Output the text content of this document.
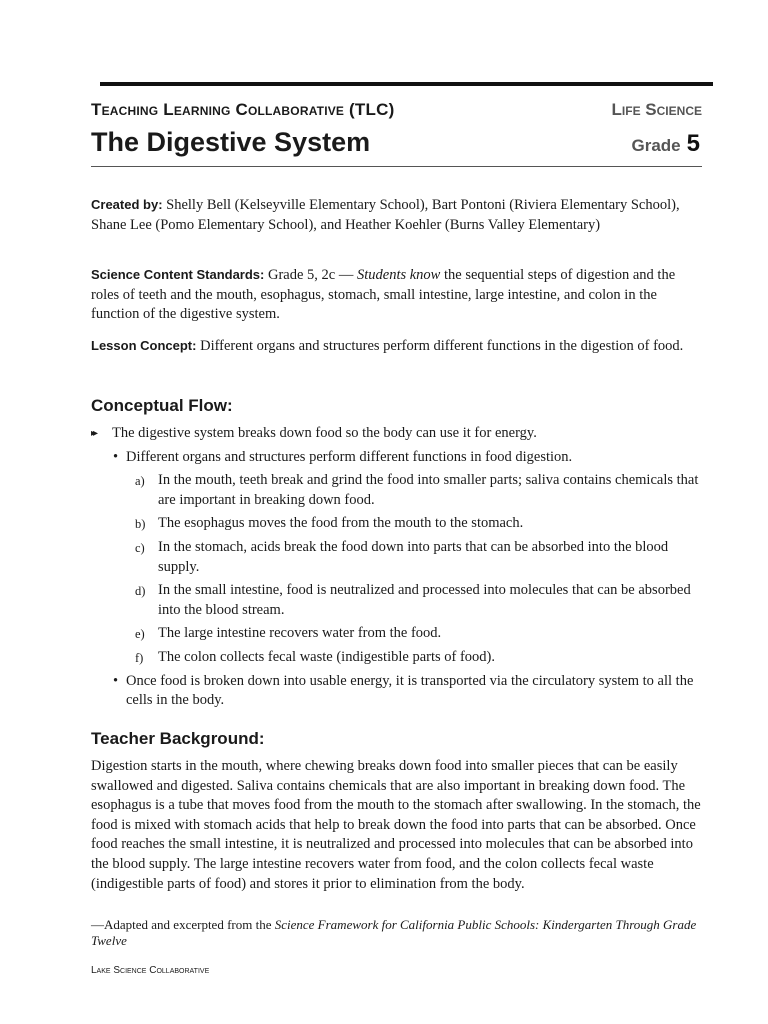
Teaching Learning Collaborative (TLC)	Life Science
The Digestive System	Grade 5
Created by: Shelly Bell (Kelseyville Elementary School), Bart Pontoni (Riviera Elementary School), Shane Lee (Pomo Elementary School), and Heather Koehler (Burns Valley Elementary)
Science Content Standards: Grade 5, 2c — Students know the sequential steps of digestion and the roles of teeth and the mouth, esophagus, stomach, small intestine, large intestine, and colon in the function of the digestive system.
Lesson Concept: Different organs and structures perform different functions in the digestion of food.
Conceptual Flow:
▸▸ The digestive system breaks down food so the body can use it for energy.
• Different organs and structures perform different functions in food digestion.
a) In the mouth, teeth break and grind the food into smaller parts; saliva contains chemicals that are important in breaking down food.
b) The esophagus moves the food from the mouth to the stomach.
c) In the stomach, acids break the food down into parts that can be absorbed into the blood supply.
d) In the small intestine, food is neutralized and processed into molecules that can be absorbed into the blood stream.
e) The large intestine recovers water from the food.
f) The colon collects fecal waste (indigestible parts of food).
• Once food is broken down into usable energy, it is transported via the circulatory system to all the cells in the body.
Teacher Background:
Digestion starts in the mouth, where chewing breaks down food into smaller pieces that can be easily swallowed and digested. Saliva contains chemicals that are also important in breaking down food. The esophagus is a tube that moves food from the mouth to the stomach after swallowing. In the stomach, the food is mixed with stomach acids that help to break down the food into parts that can be absorbed. Once food reaches the small intestine, it is neutralized and processed into molecules that can be absorbed into the blood supply. The large intestine recovers water from food, and the colon collects fecal waste (indigestible parts of food) and stores it prior to elimination from the body.
—Adapted and excerpted from the Science Framework for California Public Schools: Kindergarten Through Grade Twelve
Lake Science Collaborative
